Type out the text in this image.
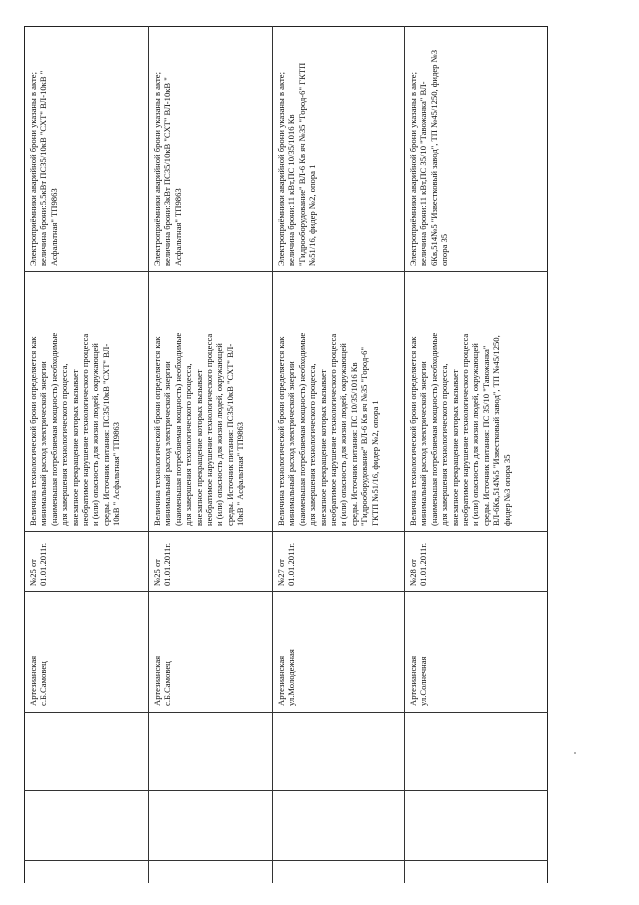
Электроприёмники аварийной брони указаны в акте;
величина брони:5.5кВт ПС35/10кВ "СХТ" ВЛ-10кВ "
Асфальтная" ТП9863
Величина технологической брони определяется как
минимальный расход электрической энергии
(наименьшая потребляемая мощность) необходимые
для завершения технологического процесса,
внезапное прекращение которых вызывает
необратимое нарушение технологического процесса
и (или) опасность для жизни людей, окружающей
среды. Источник питания: ПС35/10кВ "СХТ" ВЛ-
10кВ " Асфальтная" ТП9863
№25 от
01.01.2011г.
Артезианская
с.Б.Самовец
Электроприёмники аварийной брони указаны в акте;
величина брони:3кВт ПС35/10кВ "СХТ" ВЛ-10кВ "
Асфальтная" ТП9863
Величина технологической брони определяется как
минимальный расход электрической энергии
(наименьшая потребляемая мощность) необходимые
для завершения технологического процесса,
внезапное прекращение которых вызывает
необратимое нарушение технологического процесса
и (или) опасность для жизни людей, окружающей
среды. Источник питания: ПС35/10кВ "СХТ" ВЛ-
10кВ " Асфальтная" ТП9863
№25 от
01.01.2011г.
Артезианская
с.Б.Самовец
Электроприёмники аварийной брони указаны в акте;
величина брони:11 кВт,ПС 10/35/1016 Кв
"Гидрооборудование" ВЛ-6 Кв яч №35 "Город-6" ГКТП
№51/16, фидер №2, опора 1
Величина технологической брони определяется как
минимальный расход электрической энергии
(наименьшая потребляемая мощность) необходимые
для завершения технологического процесса,
внезапное прекращение которых вызывает
необратимое нарушение технологического процесса
и (или) опасность для жизни людей, окружающей
среды. Источник питания: ПС 10/35/1016 Кв
"Гидрооборудование" ВЛ-6 Кв яч №35 "Город-6"
ГКТП №51/16, фидер №2, опора 1
№27 от
01.01.2011г.
Артезианская
ул.Молодежная
Электроприёмники аварийной брони указаны в акте;
величина брони:11 кВт,ПС 35/10 "Тавожанка" ВЛ-
6Кв,514№5 "Известковый завод", ТП №45/1250, фидер №3
опора 35
Величина технологической брони определяется как
минимальный расход электрической энергии
(наименьшая потребляемая мощность) необходимые
для завершения технологического процесса,
внезапное прекращение которых вызывает
необратимое нарушение технологического процесса
и (или) опасность для жизни людей, окружающей
среды. Источник питания: ПС 35/10 "Тавожанка"
ВЛ-6Кв,514№5 "Известковый завод", ТП №45/1250,
фидер №3 опора 35
№28 от
01.01.2011г.
Артезианская
ул.Солнечная
